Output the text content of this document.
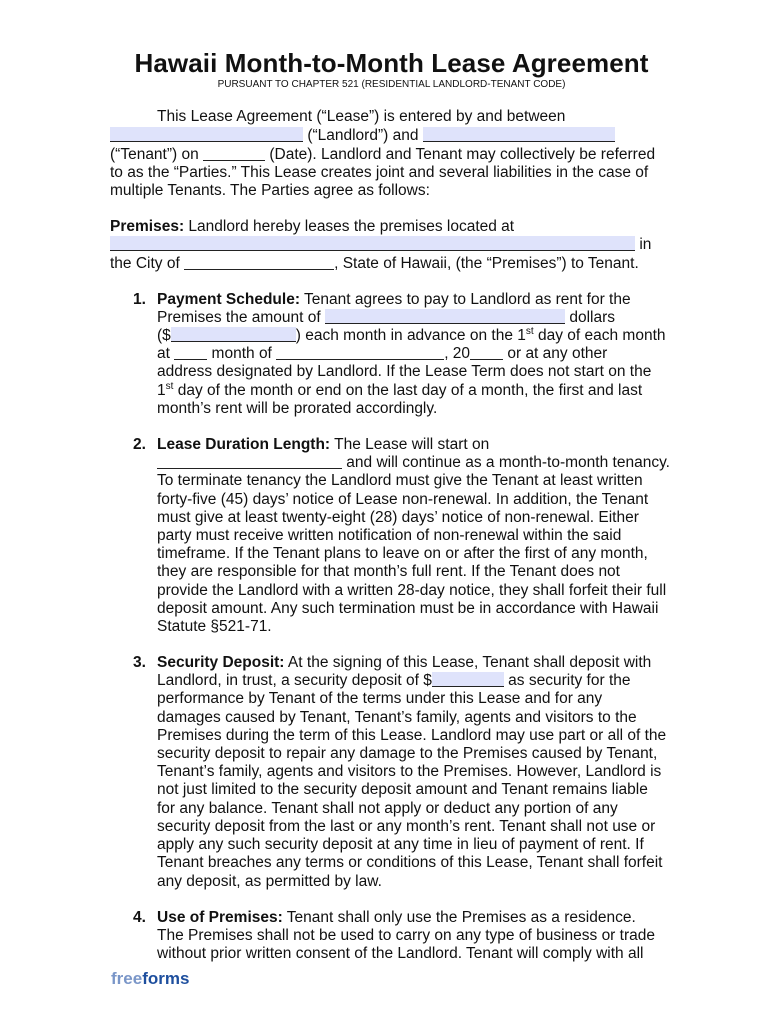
Hawaii Month-to-Month Lease Agreement
PURSUANT TO CHAPTER 521 (RESIDENTIAL LANDLORD-TENANT CODE)
This Lease Agreement (“Lease”) is entered by and between
(“Landlord”) and
(“Tenant”) on	(Date). Landlord and Tenant may collectively be referred
to as the “Parties.” This Lease creates joint and several liabilities in the case of
multiple Tenants. The Parties agree as follows:
Premises: Landlord hereby leases the premises located at
in
the City of	, State of Hawaii, (the “Premises”) to Tenant.
1. Payment Schedule: Tenant agrees to pay to Landlord as rent for the
Premises the amount of	dollars
($	) each month in advance on the 1st day of each month
at  month of	, 20 or at any other
address designated by Landlord. If the Lease Term does not start on the
1st day of the month or end on the last day of a month, the first and last
month’s rent will be prorated accordingly.
2. Lease Duration Length: The Lease will start on
and will continue as a month-to-month tenancy.
To terminate tenancy the Landlord must give the Tenant at least written
forty-five (45) days’ notice of Lease non-renewal. In addition, the Tenant
must give at least twenty-eight (28) days’ notice of non-renewal. Either
party must receive written notification of non-renewal within the said
timeframe. If the Tenant plans to leave on or after the first of any month,
they are responsible for that month’s full rent. If the Tenant does not
provide the Landlord with a written 28-day notice, they shall forfeit their full
deposit amount. Any such termination must be in accordance with Hawaii
Statute §521-71.
3. Security Deposit: At the signing of this Lease, Tenant shall deposit with
Landlord, in trust, a security deposit of $	as security for the
performance by Tenant of the terms under this Lease and for any
damages caused by Tenant, Tenant’s family, agents and visitors to the
Premises during the term of this Lease. Landlord may use part or all of the
security deposit to repair any damage to the Premises caused by Tenant,
Tenant’s family, agents and visitors to the Premises. However, Landlord is
not just limited to the security deposit amount and Tenant remains liable
for any balance. Tenant shall not apply or deduct any portion of any
security deposit from the last or any month’s rent. Tenant shall not use or
apply any such security deposit at any time in lieu of payment of rent. If
Tenant breaches any terms or conditions of this Lease, Tenant shall forfeit
any deposit, as permitted by law.
4. Use of Premises: Tenant shall only use the Premises as a residence.
The Premises shall not be used to carry on any type of business or trade
without prior written consent of the Landlord. Tenant will comply with all
freeforms
